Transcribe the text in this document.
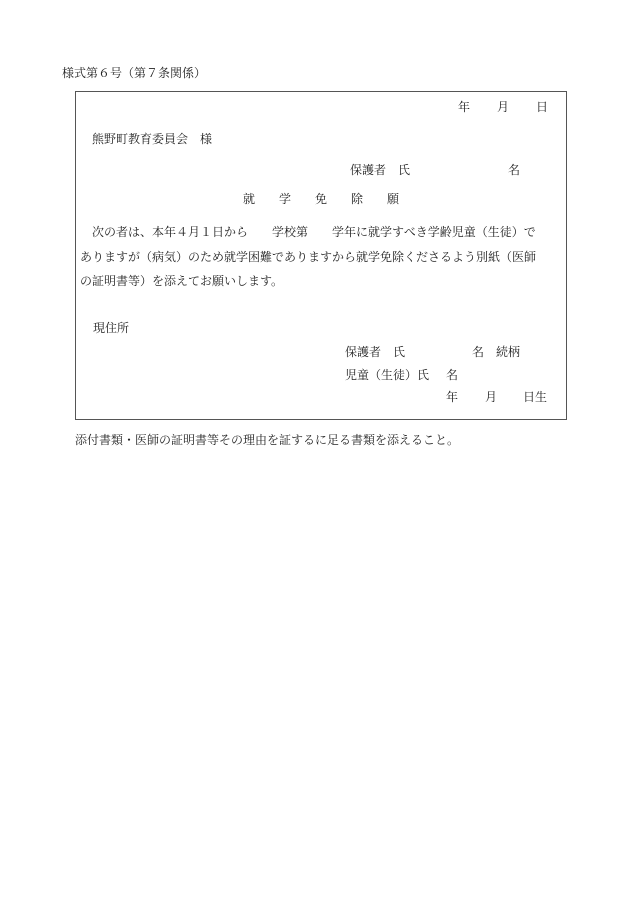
様式第６号（第７条関係）
年 月 日
熊野町教育委員会　様
保護者　氏	名
就　　学　　免　　除　　願
次の者は、本年４月１日から　　学校第　　学年に就学すべき学齢児童（生徒）で
ありますが（病気）のため就学困難でありますから就学免除くださるよう別紙（医師
の証明書等）を添えてお願いします。
現住所
保護者　氏	名 続柄
児童（生徒）氏 名
年 月 日生
添付書類・医師の証明書等その理由を証するに足る書類を添えること。
